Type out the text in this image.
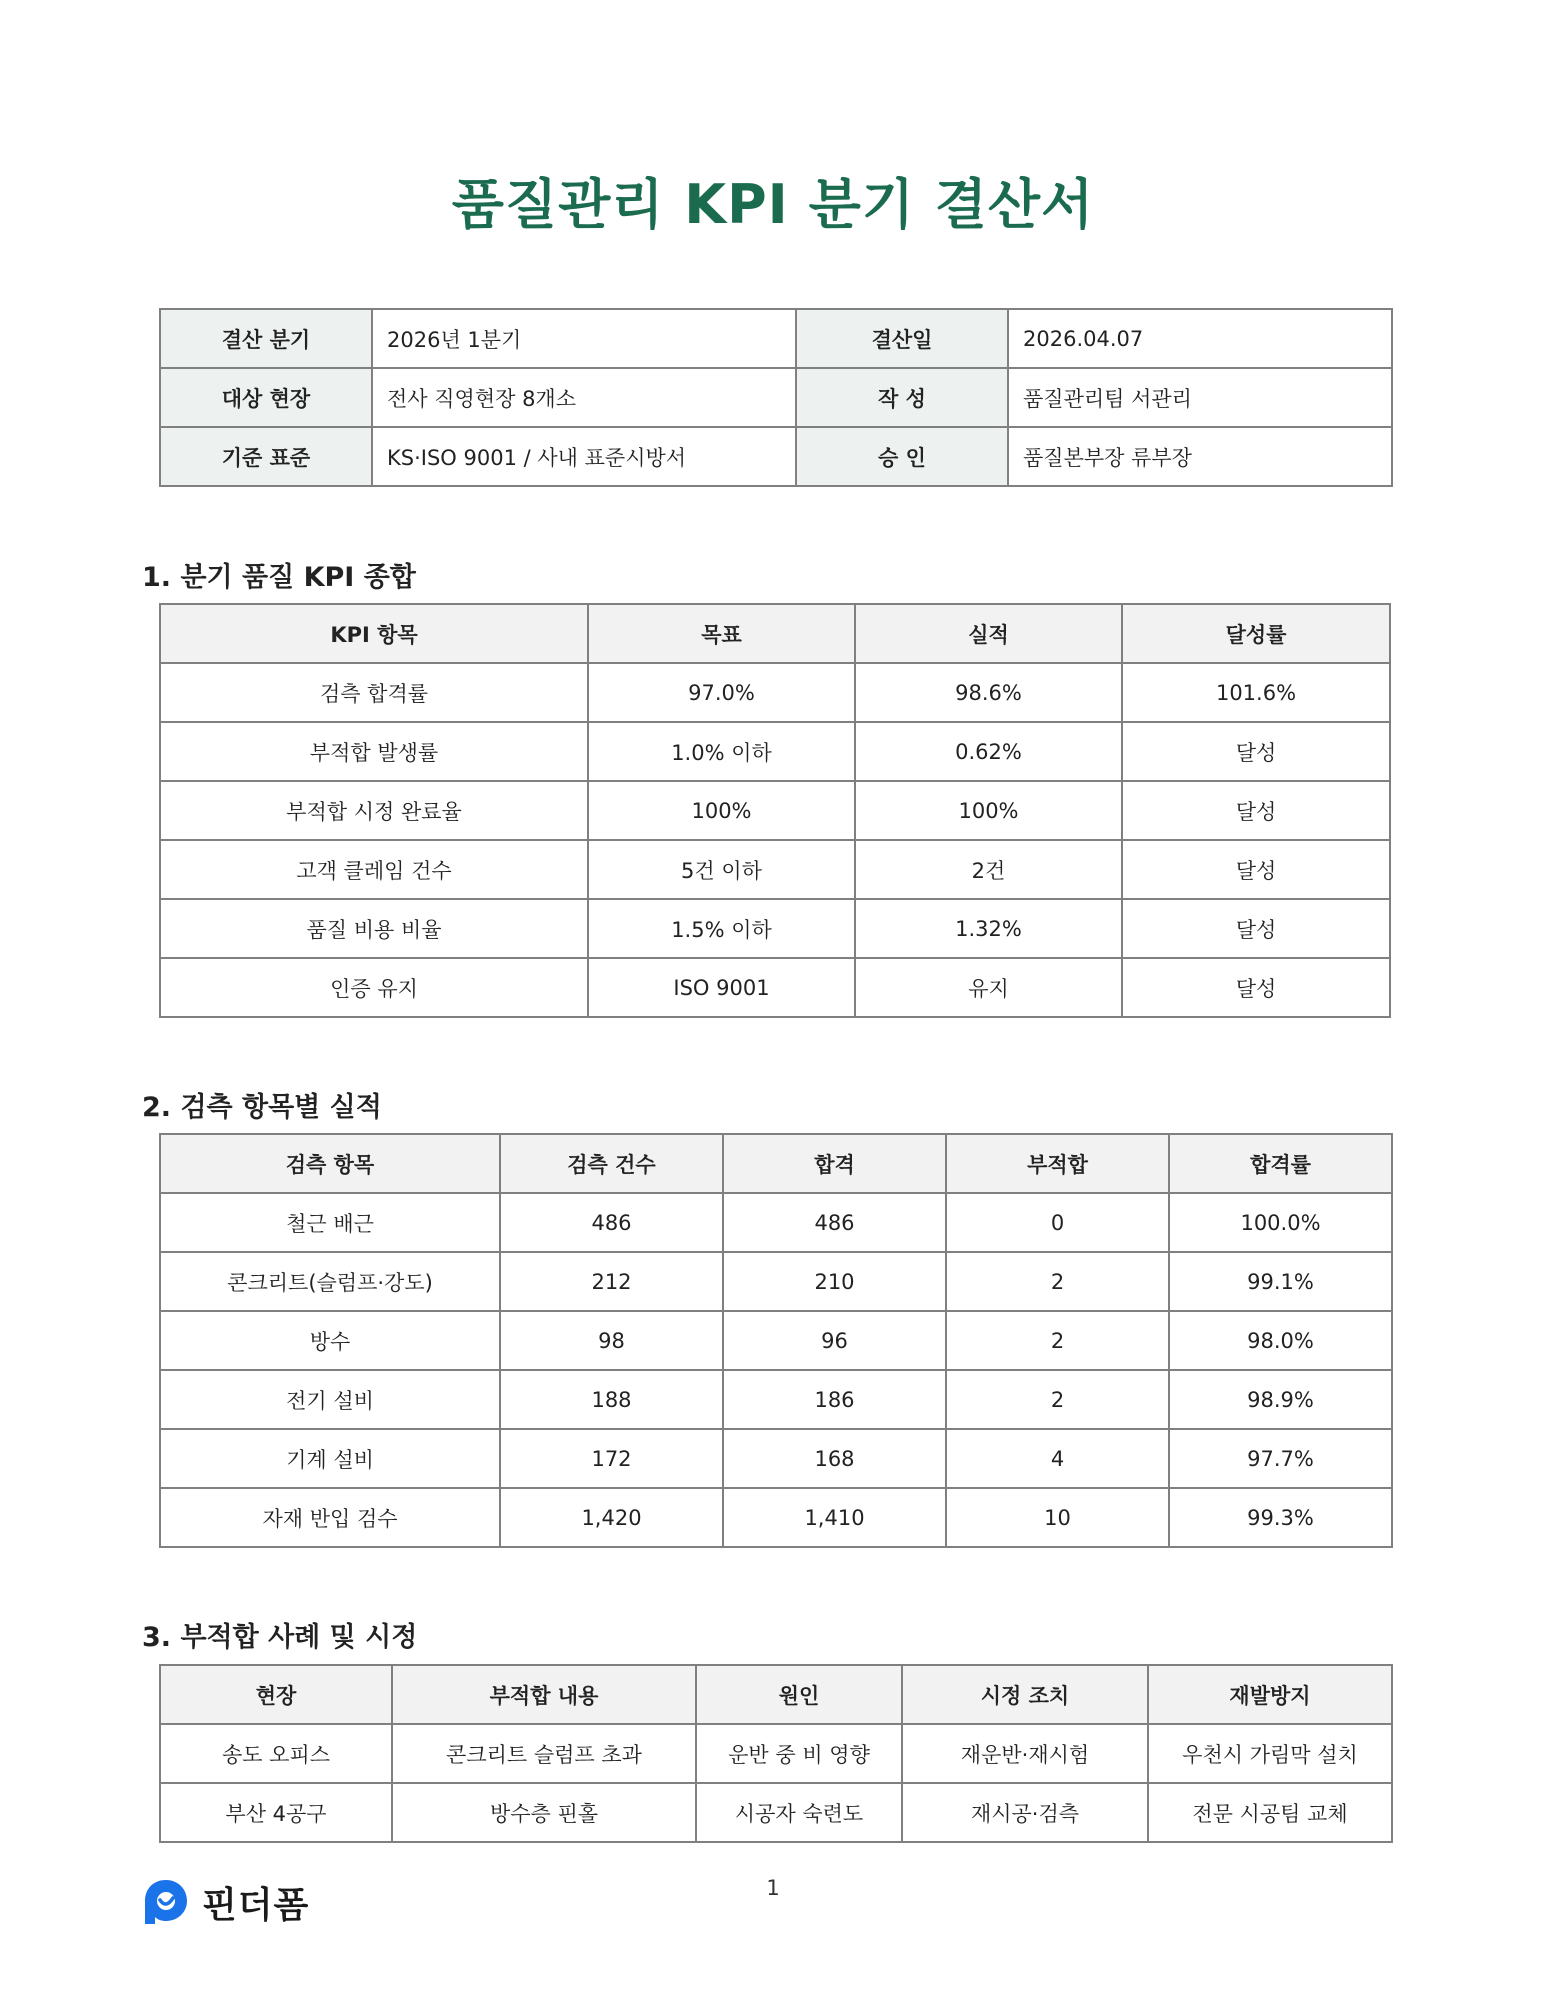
품질관리 KPI 분기 결산서
결산 분기	2026년 1분기	결산일	2026.04.07
대상 현장	전사 직영현장 8개소	작 성	품질관리팀 서관리
기준 표준	KS·ISO 9001 / 사내 표준시방서	승 인	품질본부장 류부장
1. 분기 품질 KPI 종합
KPI 항목	목표	실적	달성률
검측 합격률	97.0%	98.6%	101.6%
부적합 발생률	1.0% 이하	0.62%	달성
부적합 시정 완료율	100%	100%	달성
고객 클레임 건수	5건 이하	2건	달성
품질 비용 비율	1.5% 이하	1.32%	달성
인증 유지	ISO 9001	유지	달성
2. 검측 항목별 실적
검측 항목	검측 건수	합격	부적합	합격률
철근 배근	486	486	0	100.0%
콘크리트(슬럼프·강도)	212	210	2	99.1%
방수	98	96	2	98.0%
전기 설비	188	186	2	98.9%
기계 설비	172	168	4	97.7%
자재 반입 검수	1,420	1,410	10	99.3%
3. 부적합 사례 및 시정
현장	부적합 내용	원인	시정 조치	재발방지
송도 오피스	콘크리트 슬럼프 초과	운반 중 비 영향	재운반·재시험	우천시 가림막 설치
부산 4공구	방수층 핀홀	시공자 숙련도	재시공·검측	전문 시공팀 교체
핀더폼	1
